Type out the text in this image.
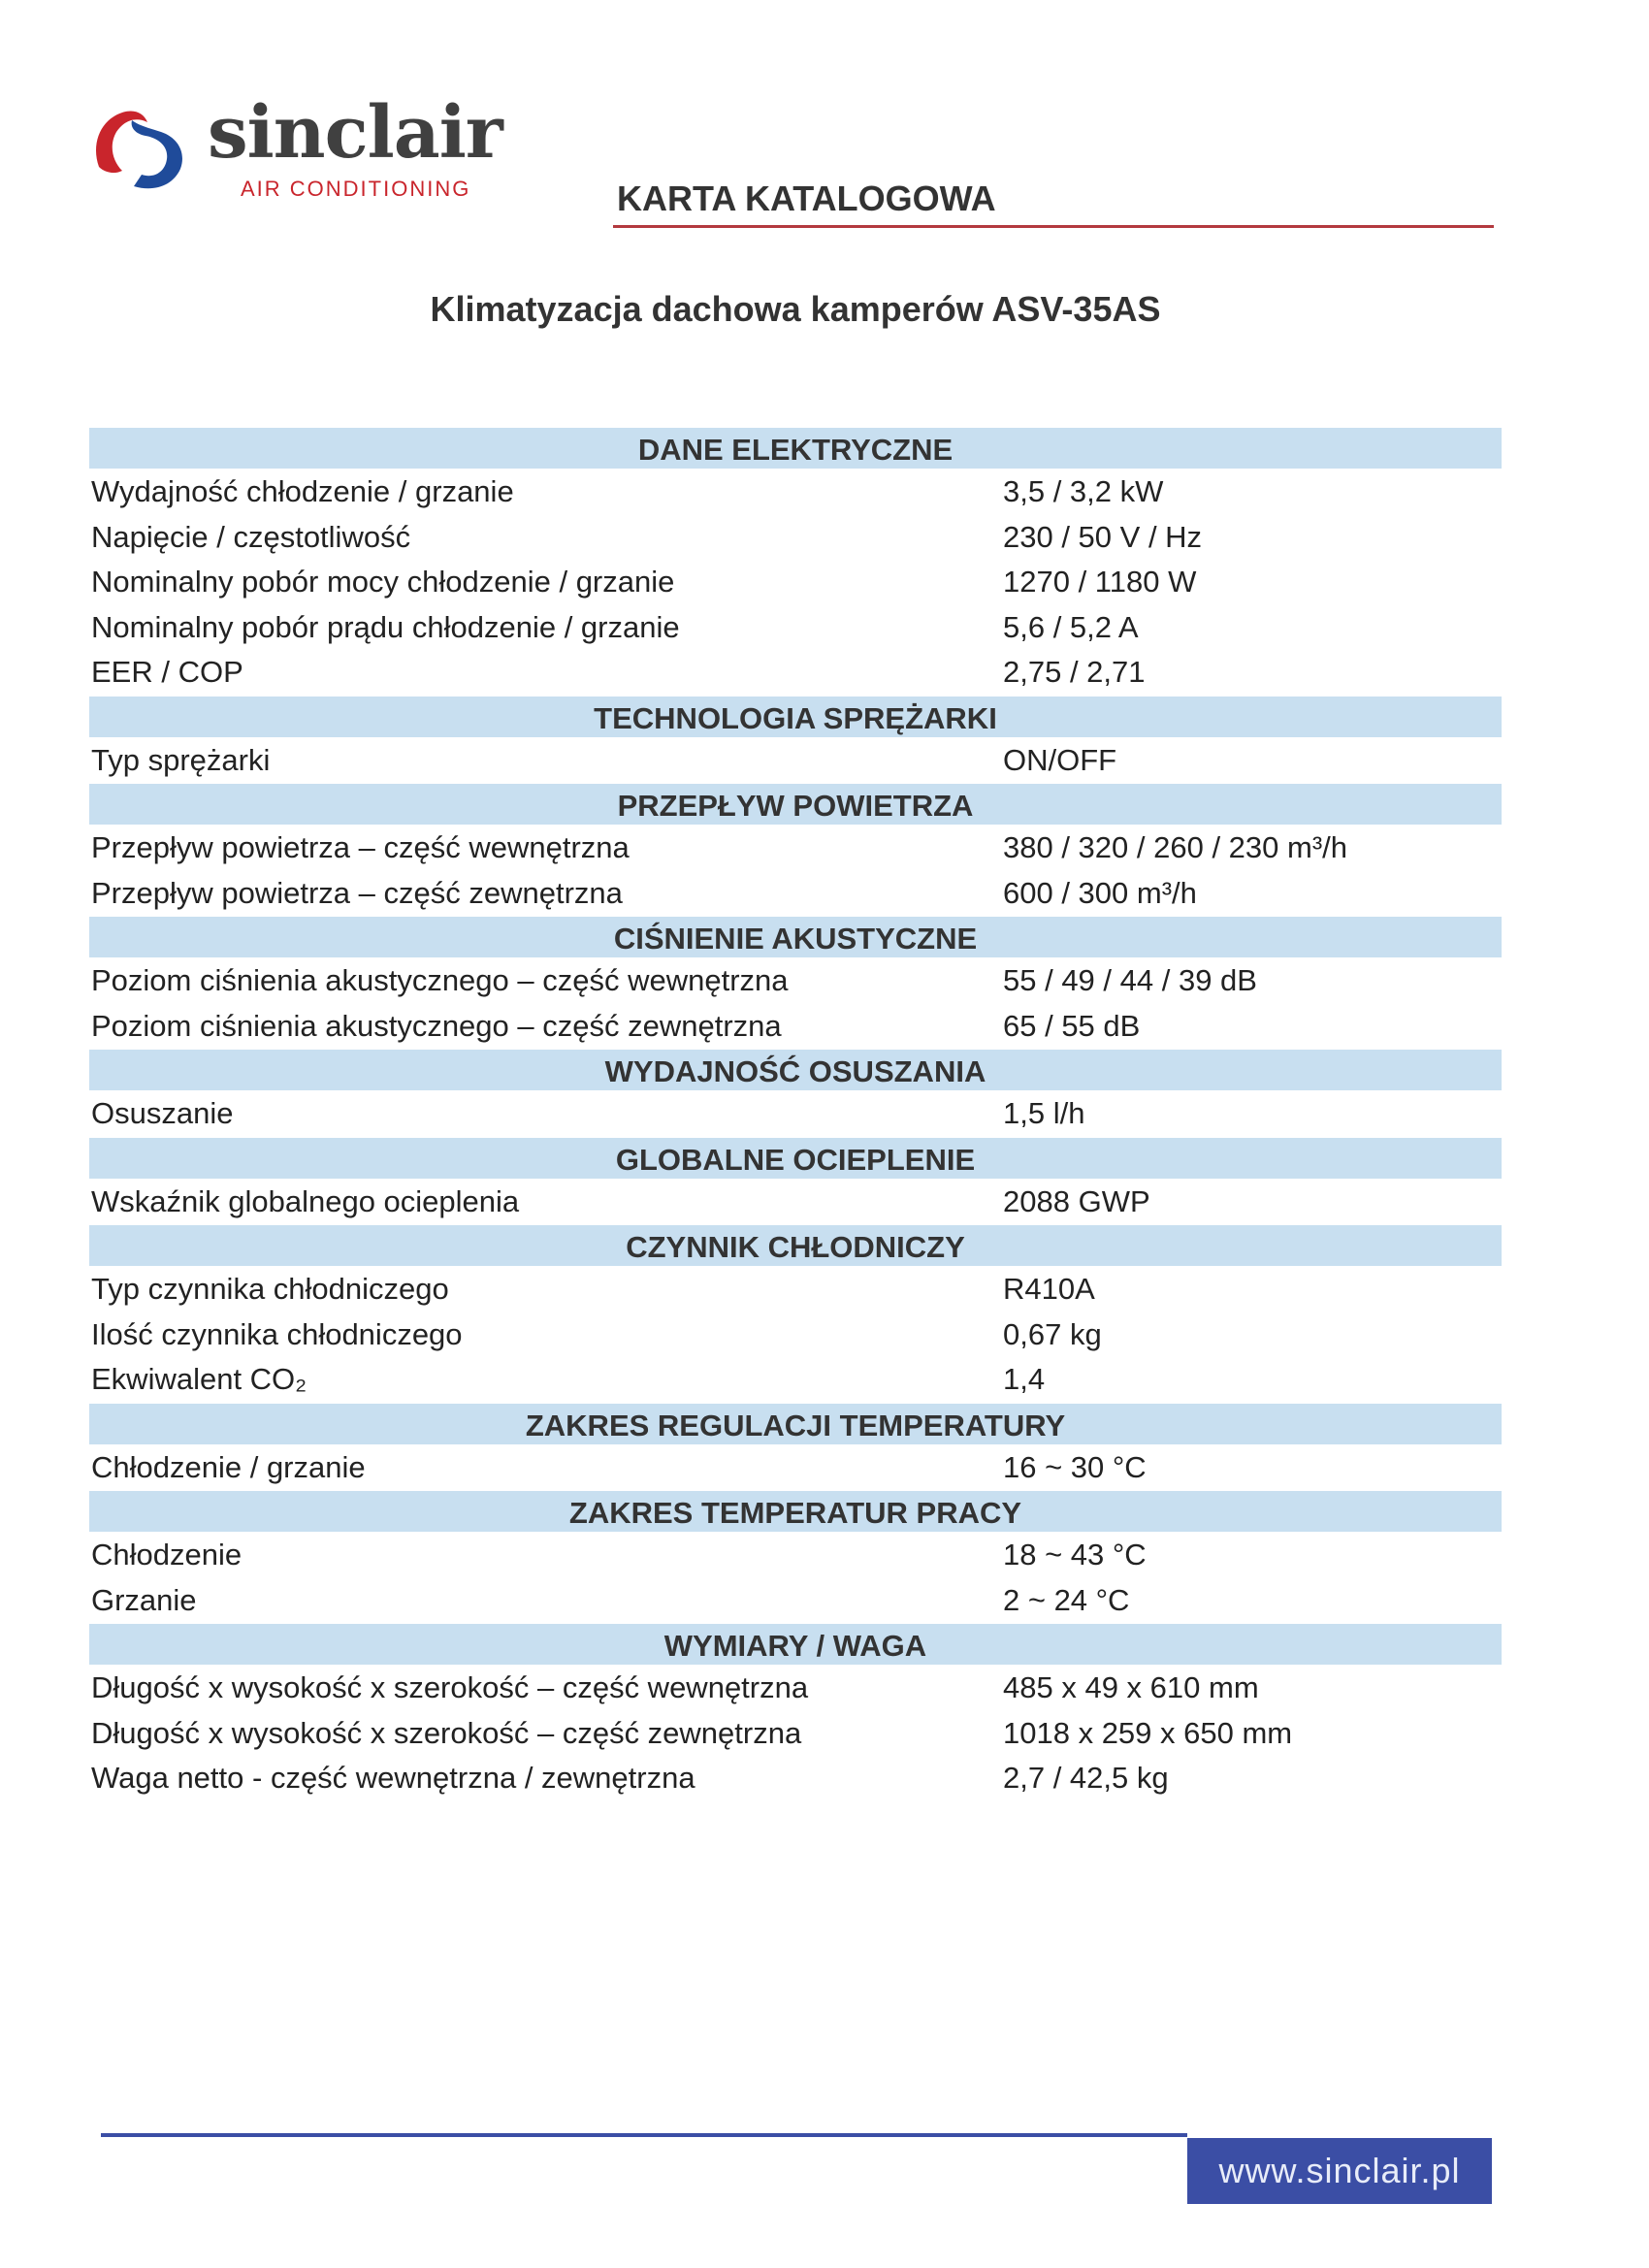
sinclair
AIR CONDITIONING	KARTA KATALOGOWA
Klimatyzacja dachowa kamperów ASV-35AS
DANE ELEKTRYCZNE
Wydajność chłodzenie / grzanie	3,5 / 3,2 kW
Napięcie / częstotliwość	230 / 50 V / Hz
Nominalny pobór mocy chłodzenie / grzanie	1270 / 1180 W
Nominalny pobór prądu chłodzenie / grzanie	5,6 / 5,2 A
EER / COP	2,75 / 2,71
TECHNOLOGIA SPRĘŻARKI
Typ sprężarki	ON/OFF
PRZEPŁYW POWIETRZA
Przepływ powietrza – część wewnętrzna	380 / 320 / 260 / 230 m³/h
Przepływ powietrza – część zewnętrzna	600 / 300 m³/h
CIŚNIENIE AKUSTYCZNE
Poziom ciśnienia akustycznego – część wewnętrzna	55 / 49 / 44 / 39 dB
Poziom ciśnienia akustycznego – część zewnętrzna	65 / 55 dB
WYDAJNOŚĆ OSUSZANIA
Osuszanie	1,5 l/h
GLOBALNE OCIEPLENIE
Wskaźnik globalnego ocieplenia	2088 GWP
CZYNNIK CHŁODNICZY
Typ czynnika chłodniczego	R410A
Ilość czynnika chłodniczego	0,67 kg
Ekwiwalent CO₂	1,4
ZAKRES REGULACJI TEMPERATURY
Chłodzenie / grzanie	16 ~ 30 °C
ZAKRES TEMPERATUR PRACY
Chłodzenie	18 ~ 43 °C
Grzanie	2 ~ 24 °C
WYMIARY / WAGA
Długość x wysokość x szerokość – część wewnętrzna	485 x 49 x 610 mm
Długość x wysokość x szerokość – część zewnętrzna	1018 x 259 x 650 mm
Waga netto - część wewnętrzna / zewnętrzna	2,7 / 42,5 kg
www.sinclair.pl
